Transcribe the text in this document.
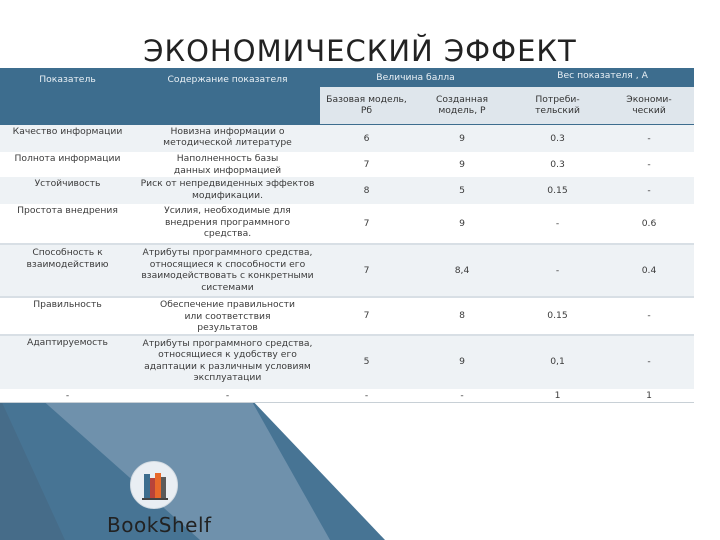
ЭКОНОМИЧЕСКИЙ ЭФФЕКТ
Показатель	Содержание показателя	Величина балла		Вес показателя , А	
		Базовая модель, Рб	Созданная модель, Р	Потреби-тельский	Экономи-ческий
Качество информации	Новизна информации о методической литературе	6	9	0.3	-
Полнота информации	Наполненность базы данных информацией	7	9	0.3	-
Устойчивость	Риск от непредвиденных эффектов модификации.	8	5	0.15	-
Простота внедрения	Усилия, необходимые для внедрения программного средства.	7	9	-	0.6
Способность к взаимодействию	Атрибуты программного средства, относящиеся к способности его взаимодействовать с конкретными системами	7	8,4	-	0.4
Правильность	Обеспечение правильности или соответствия результатов	7	8	0.15	-
Адаптируемость	Атрибуты программного средства, относящиеся к удобству его адаптации к различным условиям эксплуатации	5	9	0,1	-
-	-	-	-	1	1
BookShelf
